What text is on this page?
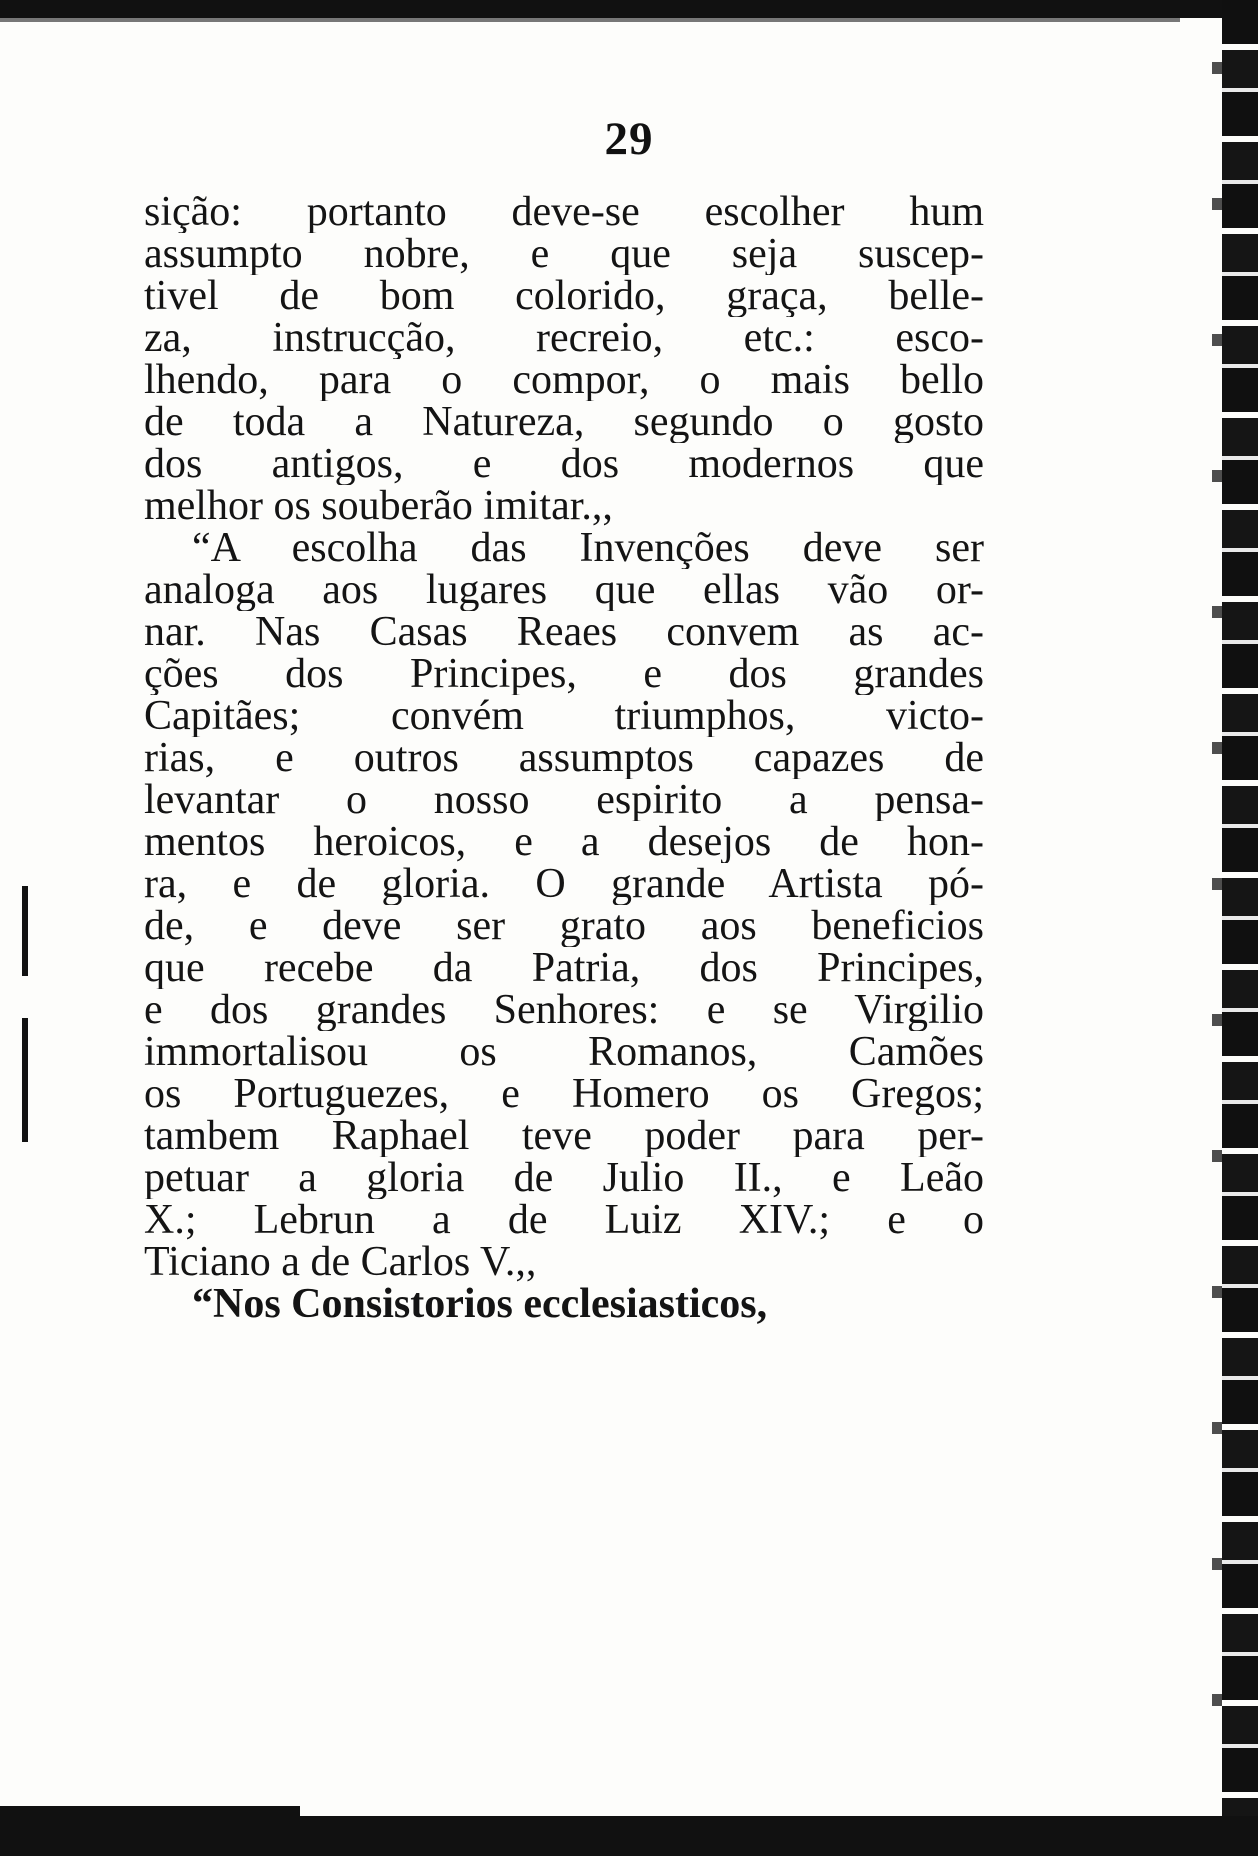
29
sição: portanto deve-se escolher hum
assumpto nobre, e que seja suscep-
tivel de bom colorido, graça, belle-
za, instrucção, recreio, etc.: esco-
lhendo, para o compor, o mais bello
de toda a Natureza, segundo o gosto
dos antigos, e dos modernos que
melhor os souberão imitar.,,
“A escolha das Invenções deve ser
analoga aos lugares que ellas vão or-
nar. Nas Casas Reaes convem as ac-
ções dos Principes, e dos grandes
Capitães; convém triumphos, victo-
rias, e outros assumptos capazes de
levantar o nosso espirito a pensa-
mentos heroicos, e a desejos de hon-
ra, e de gloria. O grande Artista pó-
de, e deve ser grato aos beneficios
que recebe da Patria, dos Principes,
e dos grandes Senhores: e se Virgilio
immortalisou os Romanos, Camões
os Portuguezes, e Homero os Gregos;
tambem Raphael teve poder para per-
petuar a gloria de Julio II., e Leão
X.; Lebrun a de Luiz XIV.; e o
Ticiano a de Carlos V.,,
“Nos Consistorios ecclesiasticos,
